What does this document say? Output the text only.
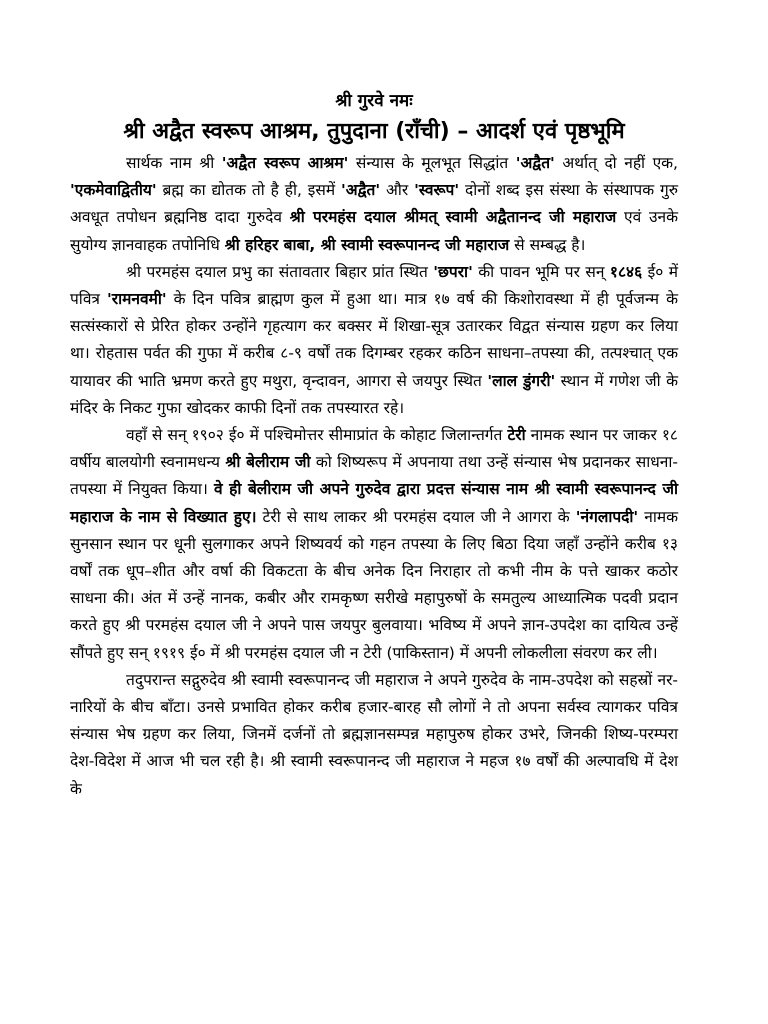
श्री गुरवे नमः
श्री अद्वैत स्वरूप आश्रम, तुपुदाना (राँची) – आदर्श एवं पृष्ठभूमि

सार्थक नाम श्री 'अद्वैत स्वरूप आश्रम' संन्यास के मूलभूत सिद्धांत 'अद्वैत' अर्थात् दो नहीं एक, 'एकमेवाद्वितीय' ब्रह्म का द्योतक तो है ही, इसमें 'अद्वैत' और 'स्वरूप' दोनों शब्द इस संस्था के संस्थापक गुरु अवधूत तपोधन ब्रह्मनिष्ठ दादा गुरुदेव श्री परमहंस दयाल श्रीमत् स्वामी अद्वैतानन्द जी महाराज एवं उनके सुयोग्य ज्ञानवाहक तपोनिधि श्री हरिहर बाबा, श्री स्वामी स्वरूपानन्द जी महाराज से सम्बद्ध है।

श्री परमहंस दयाल प्रभु का संतावतार बिहार प्रांत स्थित 'छपरा' की पावन भूमि पर सन् १८४६ ई० में पवित्र 'रामनवमी' के दिन पवित्र ब्राह्मण कुल में हुआ था। मात्र १७ वर्ष की किशोरावस्था में ही पूर्वजन्म के सत्संस्कारों से प्रेरित होकर उन्होंने गृहत्याग कर बक्सर में शिखा-सूत्र उतारकर विद्वत संन्यास ग्रहण कर लिया था। रोहतास पर्वत की गुफा में करीब ८-९ वर्षों तक दिगम्बर रहकर कठिन साधना–तपस्या की, तत्पश्चात् एक यायावर की भाति भ्रमण करते हुए मथुरा, वृन्दावन, आगरा से जयपुर स्थित 'लाल डुंगरी' स्थान में गणेश जी के मंदिर के निकट गुफा खोदकर काफी दिनों तक तपस्यारत रहे।

वहाँ से सन् १९०२ ई० में पश्चिमोत्तर सीमाप्रांत के कोहाट जिलान्तर्गत टेरी नामक स्थान पर जाकर १८ वर्षीय बालयोगी स्वनामधन्य श्री बेलीराम जी को शिष्यरूप में अपनाया तथा उन्हें संन्यास भेष प्रदानकर साधना-तपस्या में नियुक्त किया। वे ही बेलीराम जी अपने गुरुदेव द्वारा प्रदत्त संन्यास नाम श्री स्वामी स्वरूपानन्द जी महाराज के नाम से विख्यात हुए। टेरी से साथ लाकर श्री परमहंस दयाल जी ने आगरा के 'नंगलापदी' नामक सुनसान स्थान पर धूनी सुलगाकर अपने शिष्यवर्य को गहन तपस्या के लिए बिठा दिया जहाँ उन्होंने करीब १३ वर्षों तक धूप–शीत और वर्षा की विकटता के बीच अनेक दिन निराहार तो कभी नीम के पत्ते खाकर कठोर साधना की। अंत में उन्हें नानक, कबीर और रामकृष्ण सरीखे महापुरुषों के समतुल्य आध्यात्मिक पदवी प्रदान करते हुए श्री परमहंस दयाल जी ने अपने पास जयपुर बुलवाया। भविष्य में अपने ज्ञान-उपदेश का दायित्व उन्हें सौंपते हुए सन् १९१९ ई० में श्री परमहंस दयाल जी न टेरी (पाकिस्तान) में अपनी लोकलीला संवरण कर ली।

तदुपरान्त सद्गुरुदेव श्री स्वामी स्वरूपानन्द जी महाराज ने अपने गुरुदेव के नाम-उपदेश को सहस्रों नर-नारियों के बीच बाँटा। उनसे प्रभावित होकर करीब हजार-बारह सौ लोगों ने तो अपना सर्वस्व त्यागकर पवित्र संन्यास भेष ग्रहण कर लिया, जिनमें दर्जनों तो ब्रह्मज्ञानसम्पन्न महापुरुष होकर उभरे, जिनकी शिष्य-परम्परा देश-विदेश में आज भी चल रही है। श्री स्वामी स्वरूपानन्द जी महाराज ने महज १७ वर्षों की अल्पावधि में देश के
